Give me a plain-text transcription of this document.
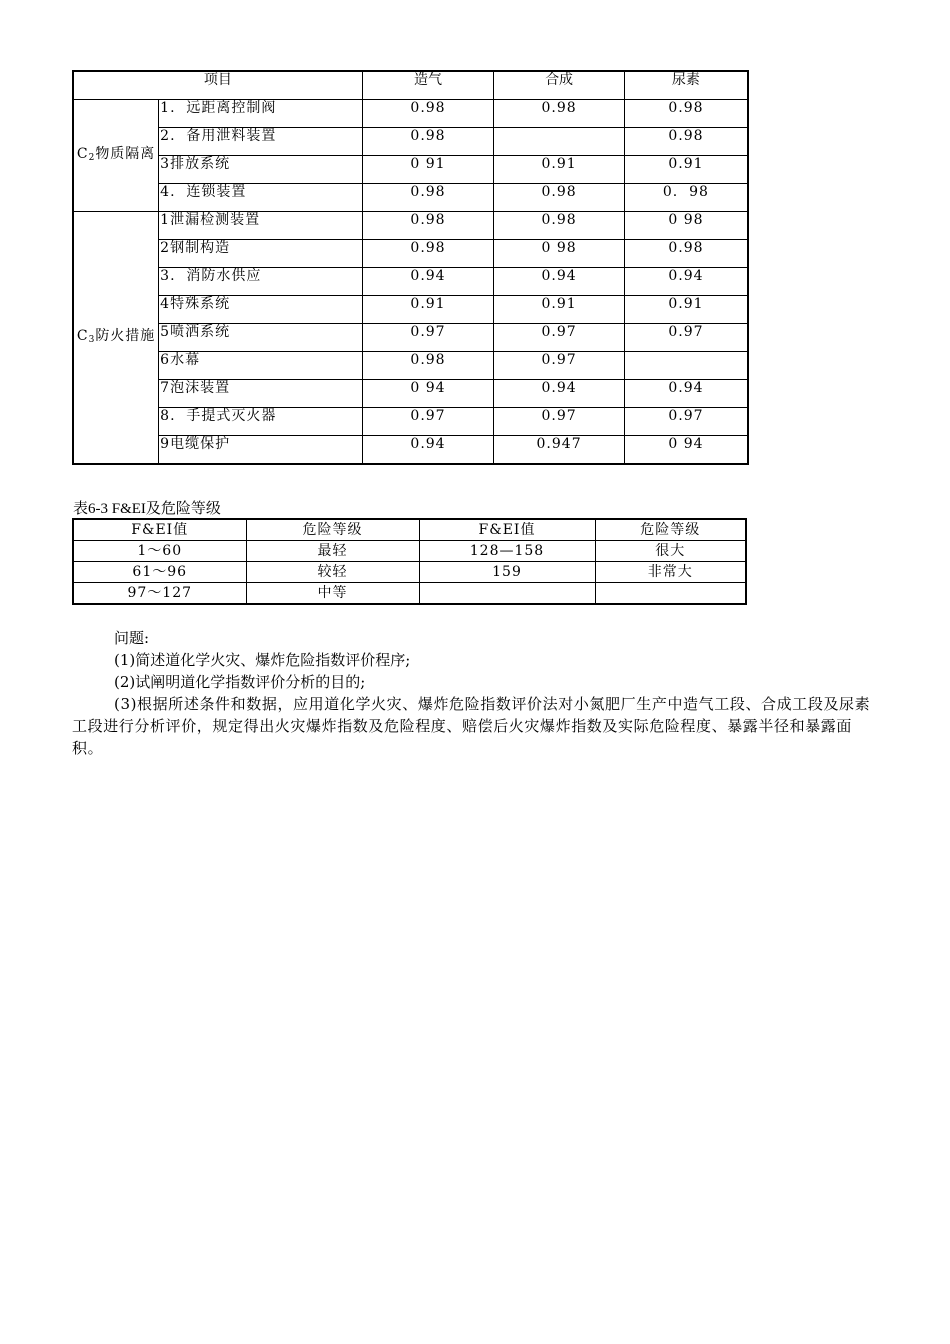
项目		造气	合成	尿素
$C_2$物质隔离	1.  远距离控制阀	0.98	0.98	0.98
	2.  备用泄料装置	0.98		0.98
	3排放系统	0 91	0.91	0.91
	4.  连锁装置	0.98	0.98	0.  98
$C_3$防火措施	1泄漏检测装置	0.98	0.98	0 98
	2钢制构造	0.98	0 98	0.98
	3.  消防水供应	0.94	0.94	0.94
	4特殊系统	0.91	0.91	0.91
	5喷洒系统	0.97	0.97	0.97
	6水幕	0.98	0.97	
	7泡沫装置	0 94	0.94	0.94
	8.  手提式灭火器	0.97	0.97	0.97
	9电缆保护	0.94	0.947	0 94
表6-3 F&EI及危险等级
F&EI值	危险等级	F&EI值	危险等级
1～60	最轻	128—158	很大
61～96	较轻	159	非常大
97～127	中等		
问题:
(1)简述道化学火灾、爆炸危险指数评价程序;
(2)试阐明道化学指数评价分析的目的;
(3)根据所述条件和数据，应用道化学火灾、爆炸危险指数评价法对小氮肥厂生产中造气工段、合成工段及尿素工段进行分析评价，规定得出火灾爆炸指数及危险程度、赔偿后火灾爆炸指数及实际危险程度、暴露半径和暴露面积。
